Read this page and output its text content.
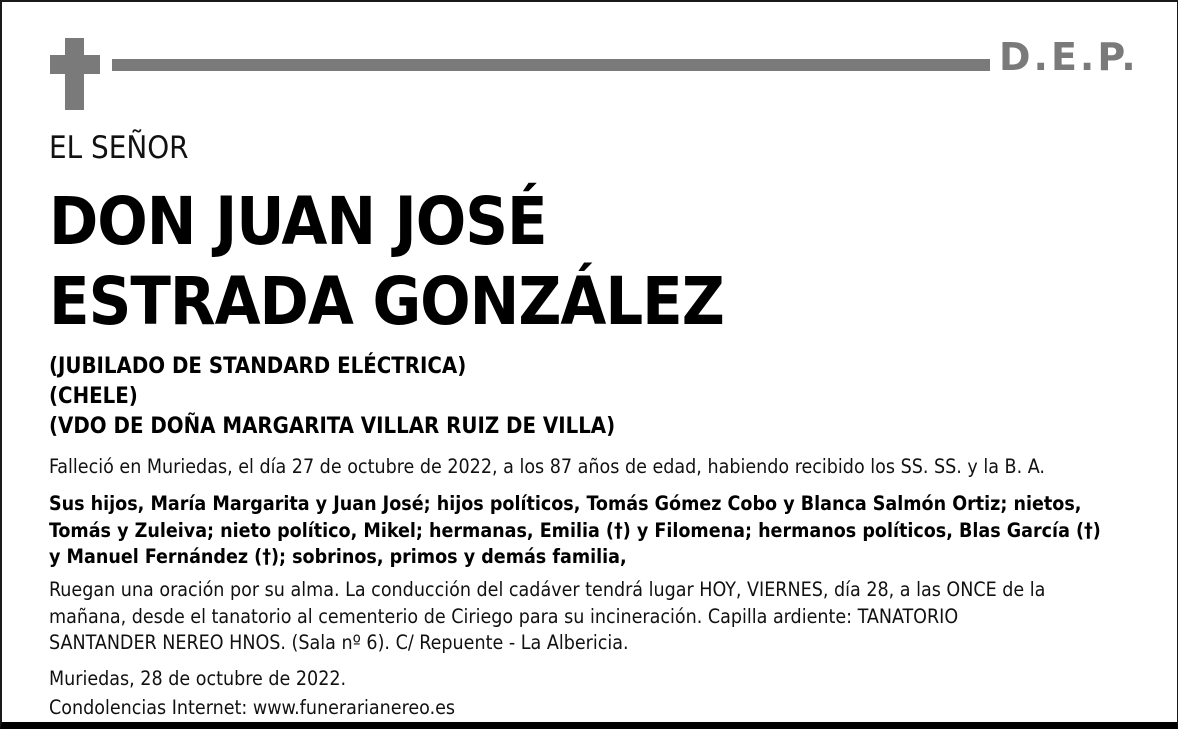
D.E.P.
EL SEÑOR
DON JUAN JOSÉ
ESTRADA GONZÁLEZ
(JUBILADO DE STANDARD ELÉCTRICA)
(CHELE)
(VDO DE DOÑA MARGARITA VILLAR RUIZ DE VILLA)
Falleció en Muriedas, el día 27 de octubre de 2022, a los 87 años de edad, habiendo recibido los SS. SS. y la B. A.
Sus hijos, María Margarita y Juan José; hijos políticos, Tomás Gómez Cobo y Blanca Salmón Ortiz; nietos,
Tomás y Zuleiva; nieto político, Mikel; hermanas, Emilia (†) y Filomena; hermanos políticos, Blas García (†)
y Manuel Fernández (†); sobrinos, primos y demás familia,
Ruegan una oración por su alma. La conducción del cadáver tendrá lugar HOY, VIERNES, día 28, a las ONCE de la
mañana, desde el tanatorio al cementerio de Ciriego para su incineración. Capilla ardiente: TANATORIO
SANTANDER NEREO HNOS. (Sala nº 6). C/ Repuente - La Albericia.
Muriedas, 28 de octubre de 2022.
Condolencias Internet: www.funerarianereo.es
